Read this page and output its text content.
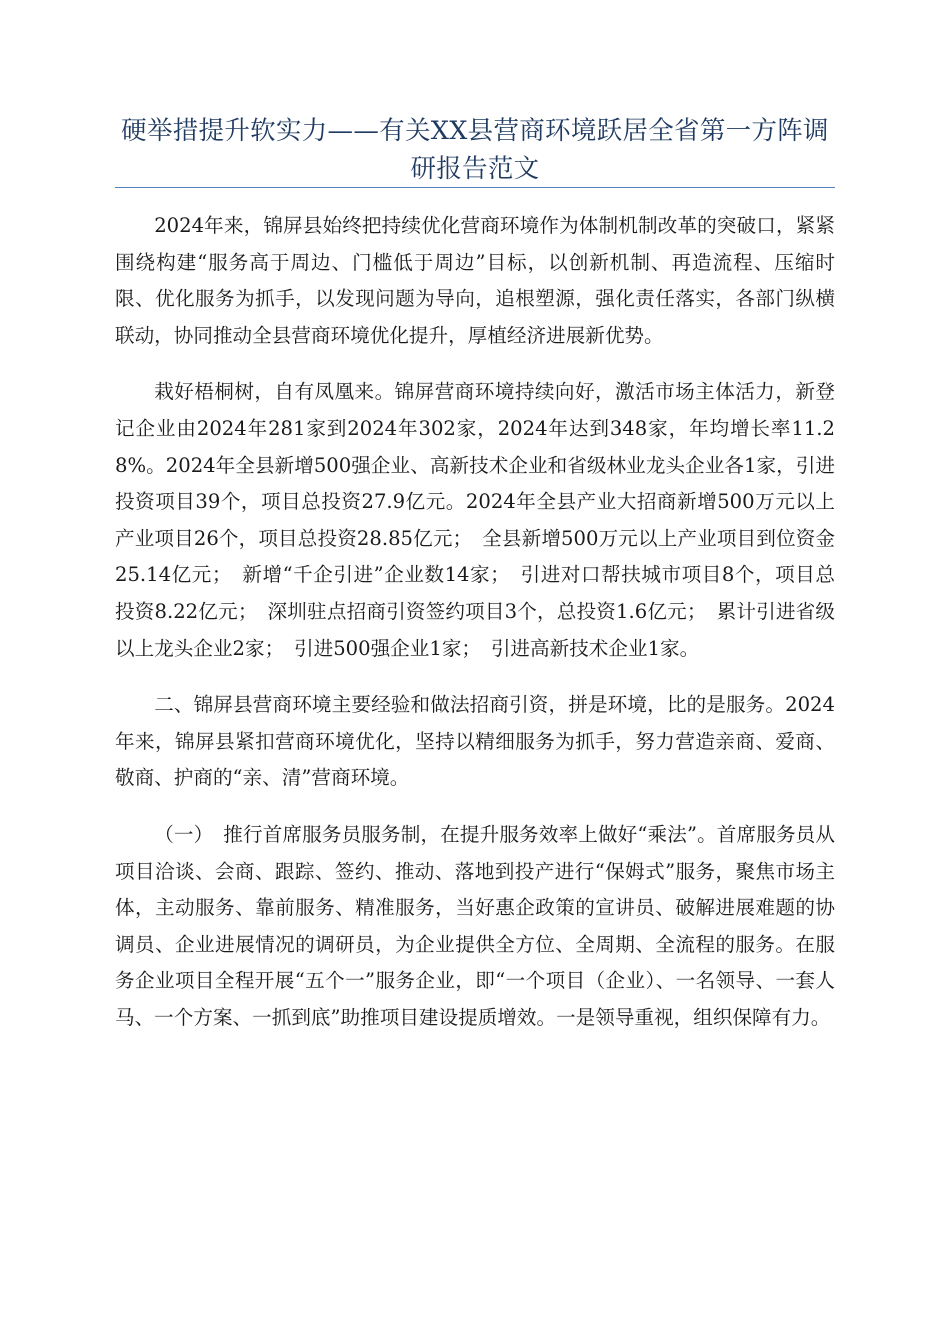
硬举措提升软实力——有关XX县营商环境跃居全省第一方阵调研报告范文

2024年来，锦屏县始终把持续优化营商环境作为体制机制改革的突破口，紧紧围绕构建“服务高于周边、门槛低于周边”目标，以创新机制、再造流程、压缩时限、优化服务为抓手，以发现问题为导向，追根塑源，强化责任落实，各部门纵横联动，协同推动全县营商环境优化提升，厚植经济进展新优势。

栽好梧桐树，自有凤凰来。锦屏营商环境持续向好，激活市场主体活力，新登记企业由2024年281家到2024年302家，2024年达到348家，年均增长率11.28%。2024年全县新增500强企业、高新技术企业和省级林业龙头企业各1家，引进投资项目39个，项目总投资27.9亿元。2024年全县产业大招商新增500万元以上产业项目26个，项目总投资28.85亿元；　全县新增500万元以上产业项目到位资金25.14亿元；　新增“千企引进”企业数14家；　引进对口帮扶城市项目8个，项目总投资8.22亿元；　深圳驻点招商引资签约项目3个，总投资1.6亿元；　累计引进省级以上龙头企业2家；　引进500强企业1家；　引进高新技术企业1家。

二、锦屏县营商环境主要经验和做法招商引资，拼是环境，比的是服务。2024年来，锦屏县紧扣营商环境优化，坚持以精细服务为抓手，努力营造亲商、爱商、敬商、护商的“亲、清”营商环境。

（一）　推行首席服务员服务制，在提升服务效率上做好“乘法”。首席服务员从项目洽谈、会商、跟踪、签约、推动、落地到投产进行“保姆式”服务，聚焦市场主体，主动服务、靠前服务、精准服务，当好惠企政策的宣讲员、破解进展难题的协调员、企业进展情况的调研员，为企业提供全方位、全周期、全流程的服务。在服务企业项目全程开展“五个一”服务企业，即“一个项目（企业）、一名领导、一套人马、一个方案、一抓到底”助推项目建设提质增效。一是领导重视，组织保障有力。
